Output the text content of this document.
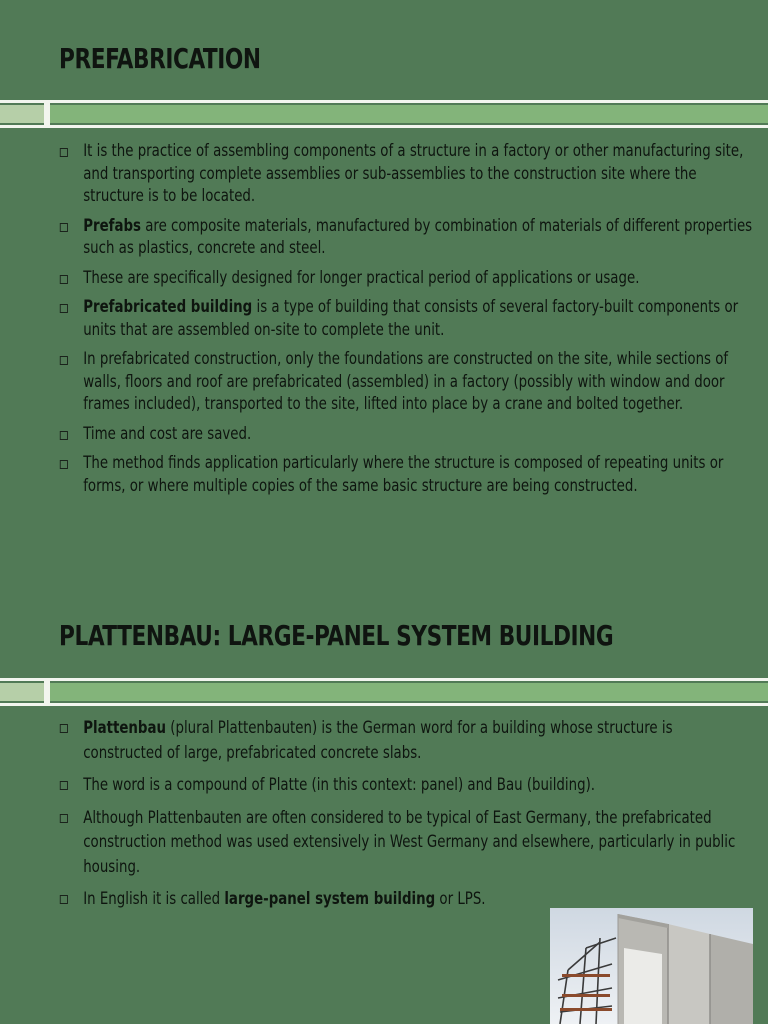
PREFABRICATION
It is the practice of assembling components of a structure in a factory or other manufacturing site, and transporting complete assemblies or sub-assemblies to the construction site where the structure is to be located.
Prefabs are composite materials, manufactured by combination of materials of different properties such as plastics, concrete and steel.
These are specifically designed for longer practical period of applications or usage.
Prefabricated building is a type of building that consists of several factory-built components or units that are assembled on-site to complete the unit.
In prefabricated construction, only the foundations are constructed on the site, while sections of walls, floors and roof are prefabricated (assembled) in a factory (possibly with window and door frames included), transported to the site, lifted into place by a crane and bolted together.
Time and cost are saved.
The method finds application particularly where the structure is composed of repeating units or forms, or where multiple copies of the same basic structure are being constructed.
PLATTENBAU: LARGE-PANEL SYSTEM BUILDING
Plattenbau (plural Plattenbauten) is the German word for a building whose structure is constructed of large, prefabricated concrete slabs.
The word is a compound of Platte (in this context: panel) and Bau (building).
Although Plattenbauten are often considered to be typical of East Germany, the prefabricated construction method was used extensively in West Germany and elsewhere, particularly in public housing.
In English it is called large-panel system building or LPS.
